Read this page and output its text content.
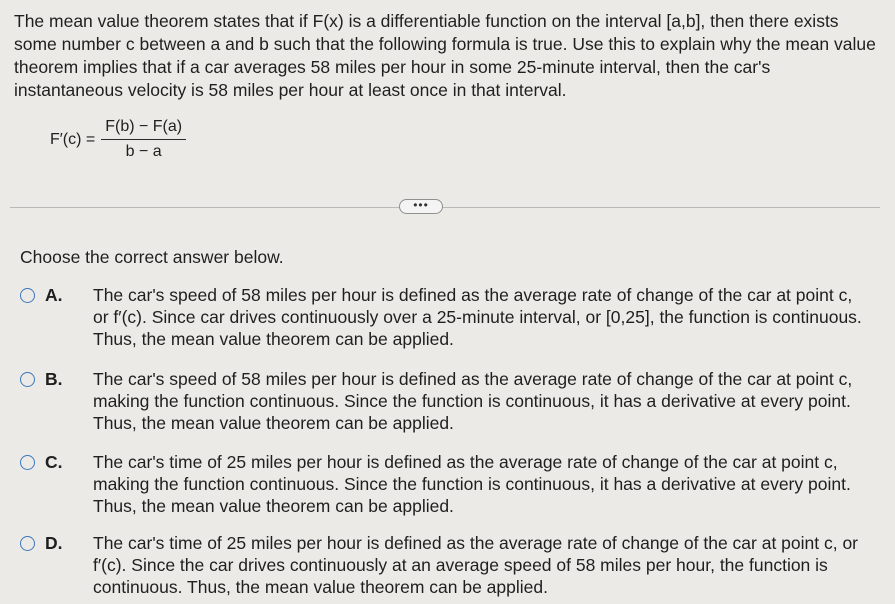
The mean value theorem states that if F(x) is a differentiable function on the interval [a,b], then there exists some number c between a and b such that the following formula is true. Use this to explain why the mean value theorem implies that if a car averages 58 miles per hour in some 25-minute interval, then the car's instantaneous velocity is 58 miles per hour at least once in that interval.
$F'(c) = \frac{F(b) - F(a)}{b - a}$
•••
Choose the correct answer below.
A.	The car's speed of 58 miles per hour is defined as the average rate of change of the car at point c, or f′(c). Since car drives continuously over a 25-minute interval, or [0,25], the function is continuous. Thus, the mean value theorem can be applied.
B.	The car's speed of 58 miles per hour is defined as the average rate of change of the car at point c, making the function continuous. Since the function is continuous, it has a derivative at every point. Thus, the mean value theorem can be applied.
C.	The car's time of 25 miles per hour is defined as the average rate of change of the car at point c, making the function continuous. Since the function is continuous, it has a derivative at every point. Thus, the mean value theorem can be applied.
D.	The car's time of 25 miles per hour is defined as the average rate of change of the car at point c, or f′(c). Since the car drives continuously at an average speed of 58 miles per hour, the function is continuous. Thus, the mean value theorem can be applied.
